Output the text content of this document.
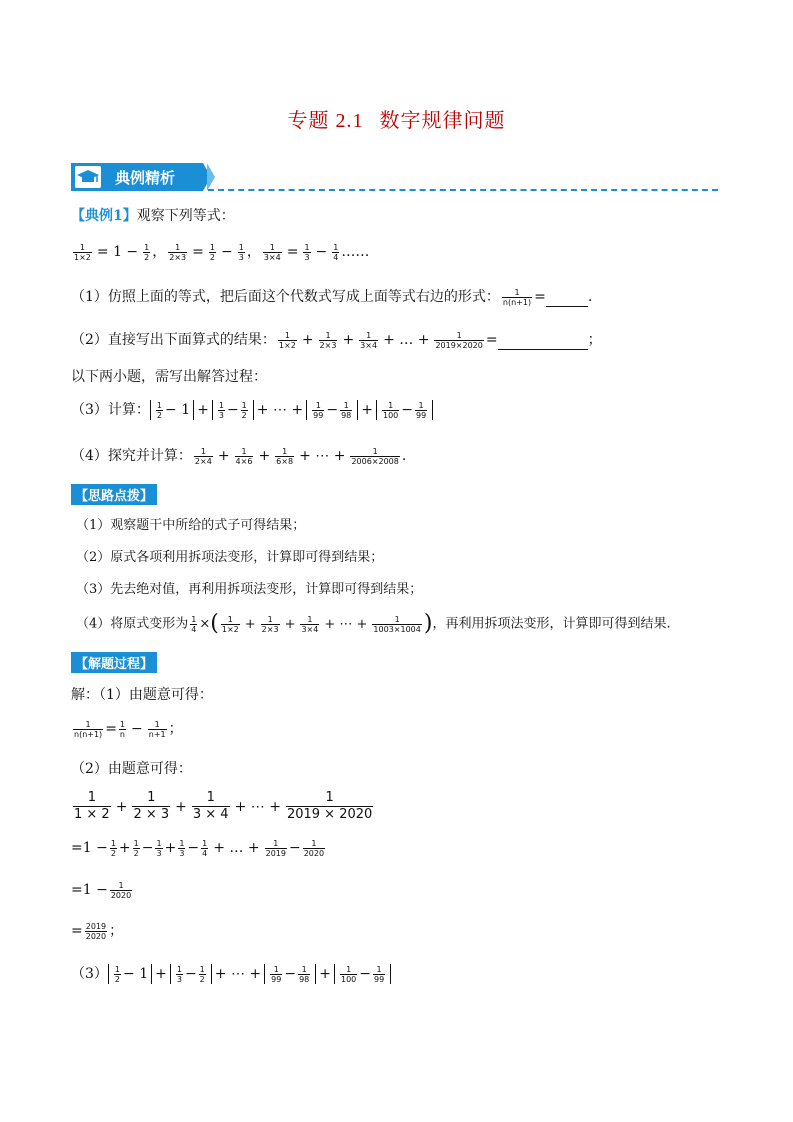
专题 2.1 数字规律问题
典例精析
【典例1】观察下列等式：
$\frac{1}{1\times 2} = 1 - \frac{1}{2}$ ， $\frac{1}{2\times 3} = \frac{1}{2} - \frac{1}{3}$ ， $\frac{1}{3\times 4} = \frac{1}{3} - \frac{1}{4}$ ……
（1）仿照上面的等式，把后面这个代数式写成上面等式右边的形式： $\frac{1}{n(n+1)}$ =	.
（2）直接写出下面算式的结果： $\frac{1}{1\times 2} + \frac{1}{2\times 3} + \frac{1}{3\times 4}$ + … + $\frac{1}{2019\times 2020}$ =	；
以下两小题，需写出解答过程：
（3）计算： $\frac{1}{2} - 1 + \frac{1}{3} - \frac{1}{2}$ + ⋯ + $\frac{1}{99} - \frac{1}{98} + \frac{1}{100} - \frac{1}{99}$
（4）探究并计算： $\frac{1}{2\times 4} + \frac{1}{4\times 6} + \frac{1}{6\times 8}$ + ⋯ + $\frac{1}{2006\times 2008}$ .
【思路点拨】
（1）观察题干中所给的式子可得结果；
（2）原式各项利用拆项法变形，计算即可得到结果；
（3）先去绝对值，再利用拆项法变形，计算即可得到结果；
（4）将原式变形为 $\frac{1}{4}$ ×( $\frac{1}{1\times 2} + \frac{1}{2\times 3} + \frac{1}{3\times 4}$ + ⋯ + $\frac{1}{1003\times 1004}$ )，再利用拆项法变形，计算即可得到结果.
【解题过程】
解：（1）由题意可得：
$\frac{1}{n(n+1)} = \frac{1}{n} - \frac{1}{n+1}$ ；
（2）由题意可得：
$\frac{1}{1 \times 2} + \frac{1}{2 \times 3} + \frac{1}{3 \times 4}$ + ⋯ + $\frac{1}{2019 \times 2020}$
$=1 - \frac{1}{2} + \frac{1}{2} - \frac{1}{3} + \frac{1}{3} - \frac{1}{4}$ + … + $\frac{1}{2019} - \frac{1}{2020}$
$=1 - \frac{1}{2020}$
= $\frac{2019}{2020}$ ；
$(3) \frac{1}{2} - 1 + \frac{1}{3} - \frac{1}{2}$ + ⋯ + $\frac{1}{99} - \frac{1}{98} + \frac{1}{100} - \frac{1}{99}$
